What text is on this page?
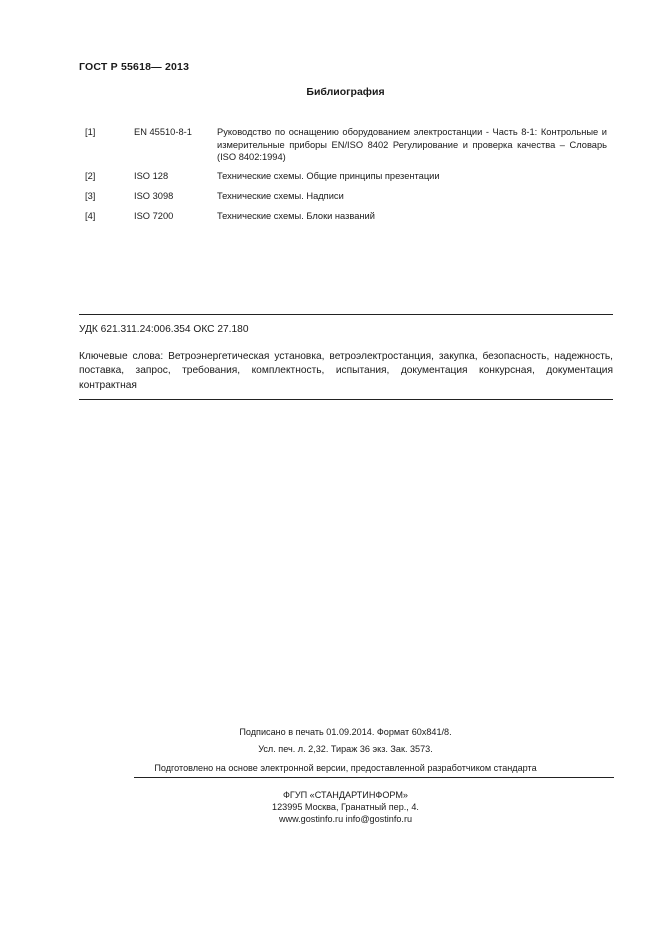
ГОСТ Р 55618— 2013
Библиография
[1]	EN 45510-8-1	Руководство по оснащению оборудованием электростанции - Часть 8-1: Контрольные и измерительные приборы EN/ISO 8402 Регулирование и проверка качества – Словарь (ISO 8402:1994)
[2]	ISO 128	Технические схемы. Общие принципы презентации
[3]	ISO 3098	Технические схемы. Надписи
[4]	ISO 7200	Технические схемы. Блоки названий
УДК 621.311.24:006.354 ОКС 27.180
Ключевые слова: Ветроэнергетическая установка, ветроэлектростанция, закупка, безопасность, надежность, поставка, запрос, требования, комплектность, испытания, документация конкурсная, документация контрактная
Подписано в печать 01.09.2014. Формат 60x841/8.
Усл. печ. л. 2,32. Тираж 36 экз. Зак. 3573.
Подготовлено на основе электронной версии, предоставленной разработчиком стандарта
ФГУП «СТАНДАРТИНФОРМ»
123995 Москва, Гранатный пер., 4.
www.gostinfo.ru info@gostinfo.ru
